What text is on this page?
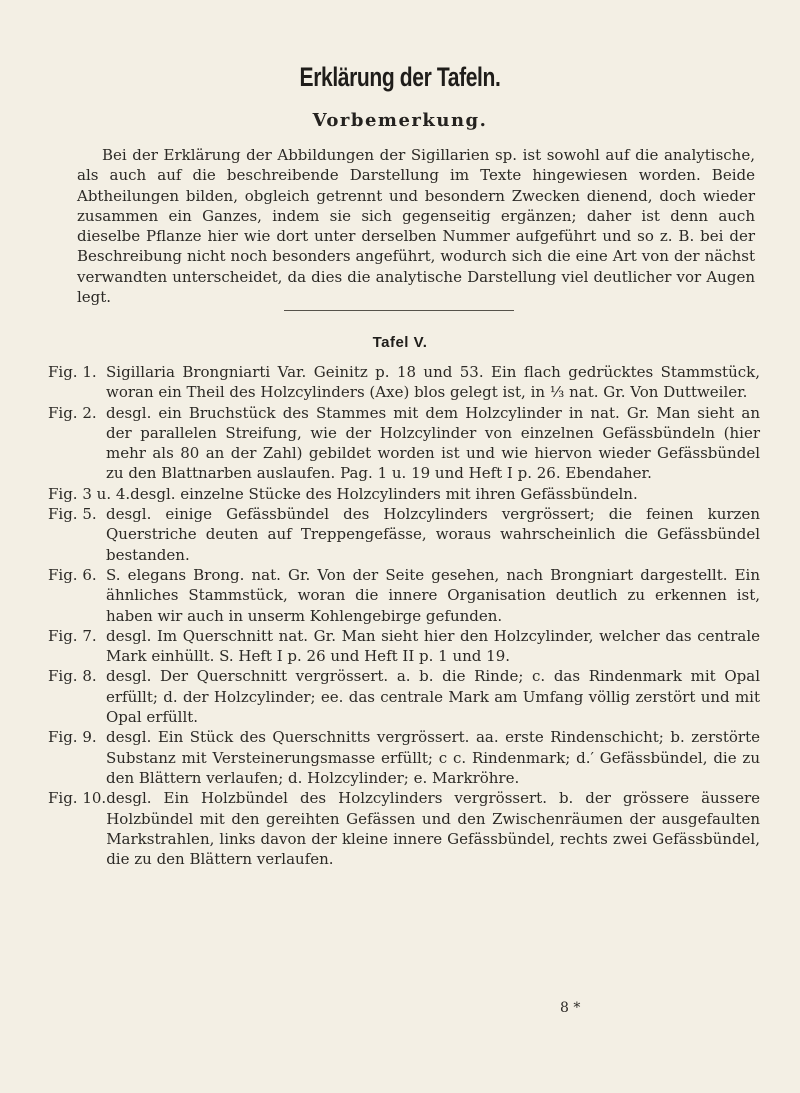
Erklärung der Tafeln.
Vorbemerkung.

Bei der Erklärung der Abbildungen der Sigillarien sp. ist sowohl auf die analytische, als auch auf die beschreibende Darstellung im Texte hingewiesen worden. Beide Abtheilungen bilden, obgleich getrennt und besondern Zwecken dienend, doch wieder zusammen ein Ganzes, indem sie sich gegenseitig ergänzen; daher ist denn auch dieselbe Pflanze hier wie dort unter derselben Nummer aufgeführt und so z. B. bei der Beschreibung nicht noch besonders angeführt, wodurch sich die eine Art von der nächst verwandten unterscheidet, da dies die analytische Darstellung viel deutlicher vor Augen legt.

Tafel V.
Fig. 1. Sigillaria Brongniarti Var. Geinitz p. 18 und 53. Ein flach gedrücktes Stammstück, woran ein Theil des Holzcylinders (Axe) blos gelegt ist, in ⅓ nat. Gr. Von Duttweiler.
Fig. 2. desgl. ein Bruchstück des Stammes mit dem Holzcylinder in nat. Gr. Man sieht an der parallelen Streifung, wie der Holzcylinder von einzelnen Gefässbündeln (hier mehr als 80 an der Zahl) gebildet worden ist und wie hiervon wieder Gefässbündel zu den Blattnarben auslaufen. Pag. 1 u. 19 und Heft I p. 26. Ebendaher.
Fig. 3 u. 4. desgl. einzelne Stücke des Holzcylinders mit ihren Gefässbündeln.
Fig. 5. desgl. einige Gefässbündel des Holzcylinders vergrössert; die feinen kurzen Querstriche deuten auf Treppengefässe, woraus wahrscheinlich die Gefässbündel bestanden.
Fig. 6. S. elegans Brong. nat. Gr. Von der Seite gesehen, nach Brongniart dargestellt. Ein ähnliches Stammstück, woran die innere Organisation deutlich zu erkennen ist, haben wir auch in unserm Kohlengebirge gefunden.
Fig. 7. desgl. Im Querschnitt nat. Gr. Man sieht hier den Holzcylinder, welcher das centrale Mark einhüllt. S. Heft I p. 26 und Heft II p. 1 und 19.
Fig. 8. desgl. Der Querschnitt vergrössert. a. b. die Rinde; c. das Rindenmark mit Opal erfüllt; d. der Holzcylinder; ee. das centrale Mark am Umfang völlig zerstört und mit Opal erfüllt.
Fig. 9. desgl. Ein Stück des Querschnitts vergrössert. aa. erste Rindenschicht; b. zerstörte Substanz mit Versteinerungsmasse erfüllt; c c. Rindenmark; d.′ Gefässbündel, die zu den Blättern verlaufen; d. Holzcylinder; e. Markröhre.
Fig. 10. desgl. Ein Holzbündel des Holzcylinders vergrössert. b. der grössere äussere Holzbündel mit den gereihten Gefässen und den Zwischenräumen der ausgefaulten Markstrahlen, links davon der kleine innere Gefässbündel, rechts zwei Gefässbündel, die zu den Blättern verlaufen.

8 *
